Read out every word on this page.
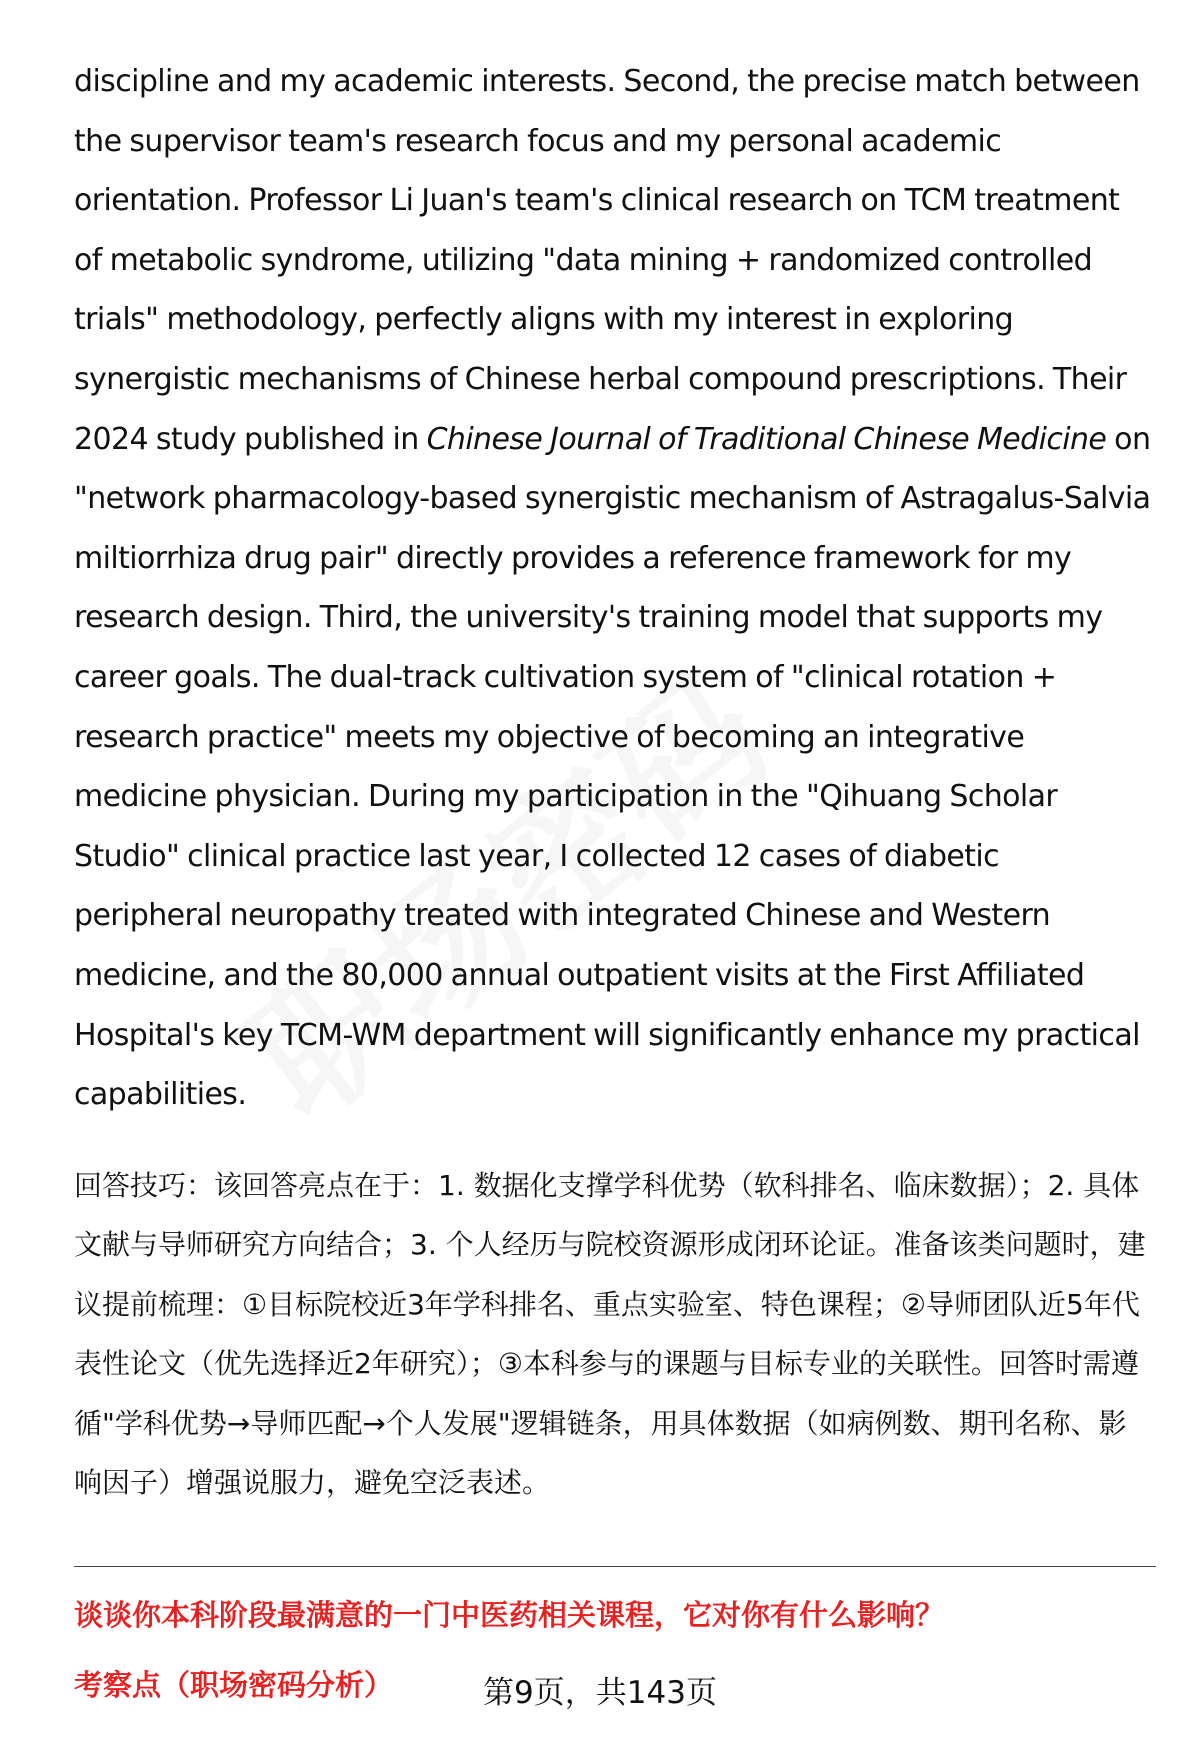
discipline and my academic interests. Second, the precise match between the supervisor team's research focus and my personal academic orientation. Professor Li Juan's team's clinical research on TCM treatment of metabolic syndrome, utilizing "data mining + randomized controlled trials" methodology, perfectly aligns with my interest in exploring synergistic mechanisms of Chinese herbal compound prescriptions. Their 2024 study published in Chinese Journal of Traditional Chinese Medicine on "network pharmacology-based synergistic mechanism of Astragalus-Salvia miltiorrhiza drug pair" directly provides a reference framework for my research design. Third, the university's training model that supports my career goals. The dual-track cultivation system of "clinical rotation + research practice" meets my objective of becoming an integrative medicine physician. During my participation in the "Qihuang Scholar Studio" clinical practice last year, I collected 12 cases of diabetic peripheral neuropathy treated with integrated Chinese and Western medicine, and the 80,000 annual outpatient visits at the First Affiliated Hospital's key TCM-WM department will significantly enhance my practical capabilities.

回答技巧：该回答亮点在于：1. 数据化支撑学科优势（软科排名、临床数据）；2. 具体文献与导师研究方向结合；3. 个人经历与院校资源形成闭环论证。准备该类问题时，建议提前梳理：①目标院校近3年学科排名、重点实验室、特色课程；②导师团队近5年代表性论文（优先选择近2年研究）；③本科参与的课题与目标专业的关联性。回答时需遵循"学科优势→导师匹配→个人发展"逻辑链条，用具体数据（如病例数、期刊名称、影响因子）增强说服力，避免空泛表述。

谈谈你本科阶段最满意的一门中医药相关课程，它对你有什么影响？

考察点（职场密码分析）	第9页，共143页
